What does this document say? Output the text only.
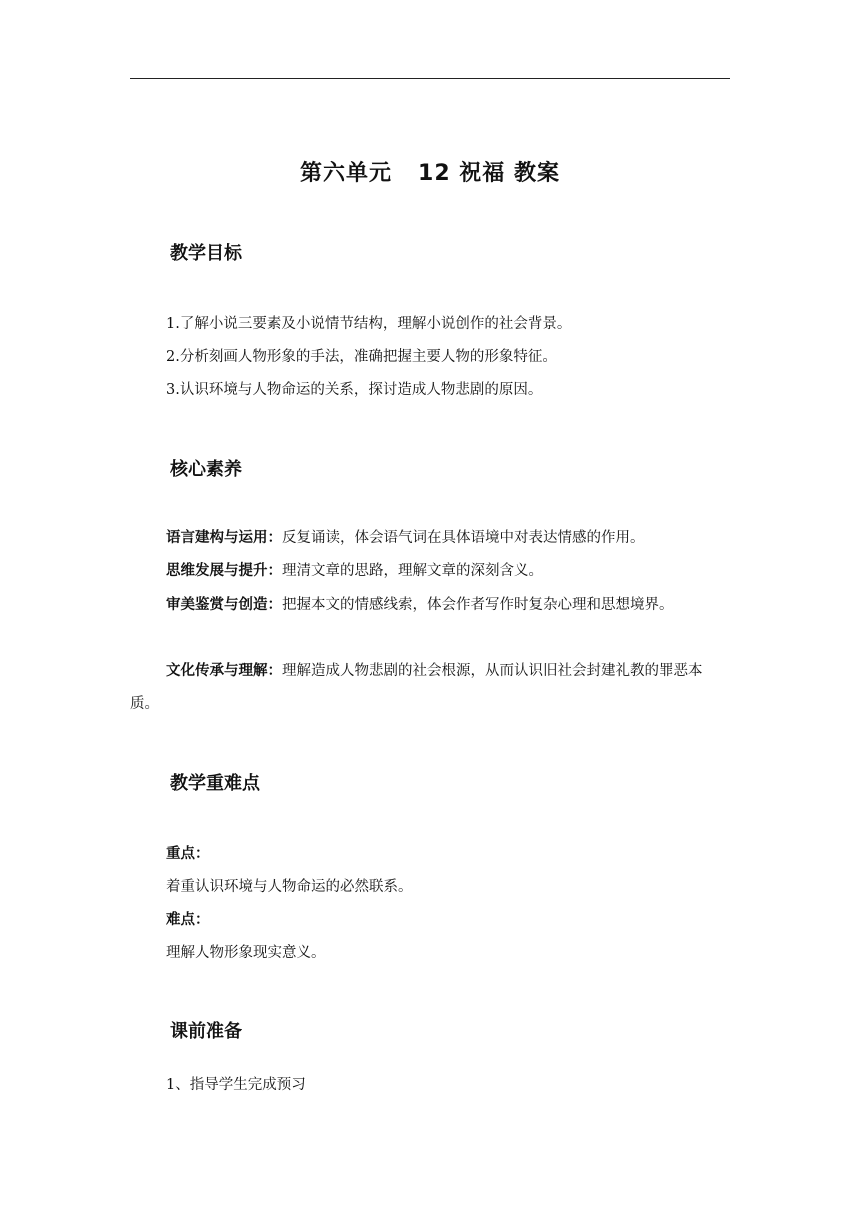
第六单元   12 祝福 教案
教学目标
1.了解小说三要素及小说情节结构，理解小说创作的社会背景。
2.分析刻画人物形象的手法，准确把握主要人物的形象特征。
3.认识环境与人物命运的关系，探讨造成人物悲剧的原因。
核心素养
语言建构与运用：反复诵读，体会语气词在具体语境中对表达情感的作用。
思维发展与提升：理清文章的思路，理解文章的深刻含义。
审美鉴赏与创造：把握本文的情感线索，体会作者写作时复杂心理和思想境界。
文化传承与理解：理解造成人物悲剧的社会根源，从而认识旧社会封建礼教的罪恶本质。
教学重难点
重点：
着重认识环境与人物命运的必然联系。
难点：
理解人物形象现实意义。
课前准备
1、指导学生完成预习
